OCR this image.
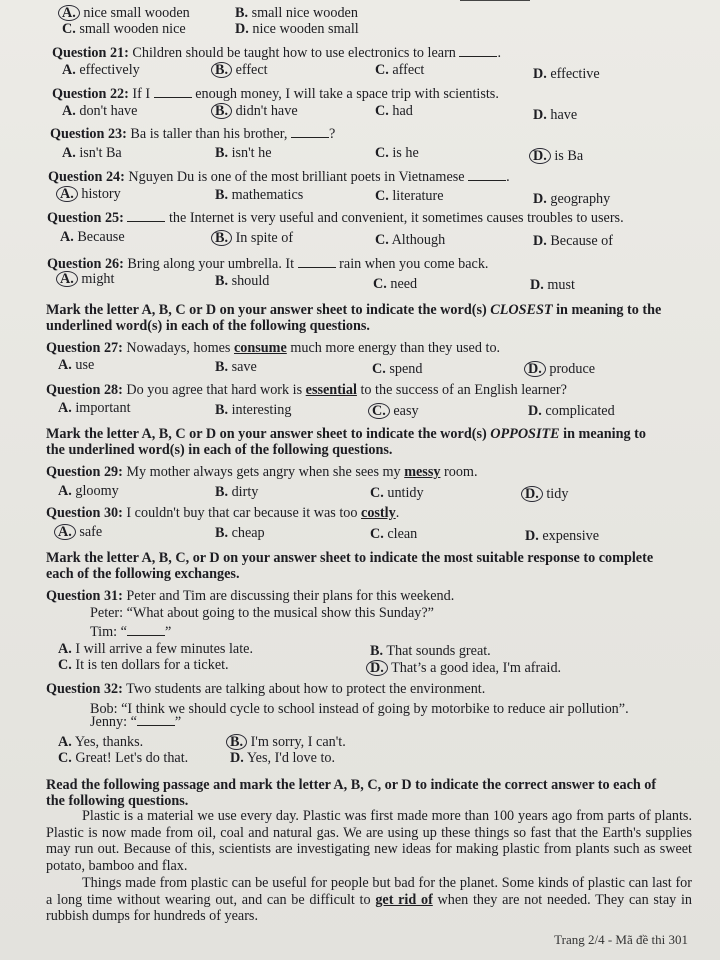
A. nice small wooden	B. small nice wooden
C. small wooden nice	D. nice wooden small
Question 21: Children should be taught how to use electronics to learn	.
A. effectively	B. effect	C. affect	D. effective
Question 22: If I	enough money, I will take a space trip with scientists.
A. don't have	B. didn't have	C. had	D. have
Question 23: Ba is taller than his brother,	?
A. isn't Ba	B. isn't he	C. is he	D. is Ba
Question 24: Nguyen Du is one of the most brilliant poets in Vietnamese	.
A. history	B. mathematics	C. literature	D. geography
Question 25:	the Internet is very useful and convenient, it sometimes causes troubles to users.
A. Because	B. In spite of	C. Although	D. Because of
Question 26: Bring along your umbrella. It	rain when you come back.
A. might	B. should	C. need	D. must
Mark the letter A, B, C or D on your answer sheet to indicate the word(s) CLOSEST in meaning to the
underlined word(s) in each of the following questions.
Question 27: Nowadays, homes consume much more energy than they used to.
A. use	B. save	C. spend	D. produce
Question 28: Do you agree that hard work is essential to the success of an English learner?
A. important	B. interesting	C. easy	D. complicated
Mark the letter A, B, C or D on your answer sheet to indicate the word(s) OPPOSITE in meaning to
the underlined word(s) in each of the following questions.
Question 29: My mother always gets angry when she sees my messy room.
A. gloomy	B. dirty	C. untidy	D. tidy
Question 30: I couldn't buy that car because it was too costly.
A. safe	B. cheap	C. clean	D. expensive
Mark the letter A, B, C, or D on your answer sheet to indicate the most suitable response to complete
each of the following exchanges.
Question 31: Peter and Tim are discussing their plans for this weekend.
Peter: “What about going to the musical show this Sunday?”
Tim: “	”
A. I will arrive a few minutes late.	B. That sounds great.
C. It is ten dollars for a ticket.	D. That’s a good idea, I'm afraid.
Question 32: Two students are talking about how to protect the environment.
Bob: “I think we should cycle to school instead of going by motorbike to reduce air pollution”.
Jenny: “	”
A. Yes, thanks.	B. I'm sorry, I can't.
C. Great! Let's do that.	D. Yes, I'd love to.
Read the following passage and mark the letter A, B, C, or D to indicate the correct answer to each of
the following questions.
Plastic is a material we use every day. Plastic was first made more than 100 years ago from parts of plants. Plastic is now made from oil, coal and natural gas. We are using up these things so fast that the Earth's supplies may run out. Because of this, scientists are investigating new ideas for making plastic from plants such as sweet potato, bamboo and flax.
Things made from plastic can be useful for people but bad for the planet. Some kinds of plastic can last for a long time without wearing out, and can be difficult to get rid of when they are not needed. They can stay in rubbish dumps for hundreds of years.
Trang 2/4 - Mã đề thi 301
